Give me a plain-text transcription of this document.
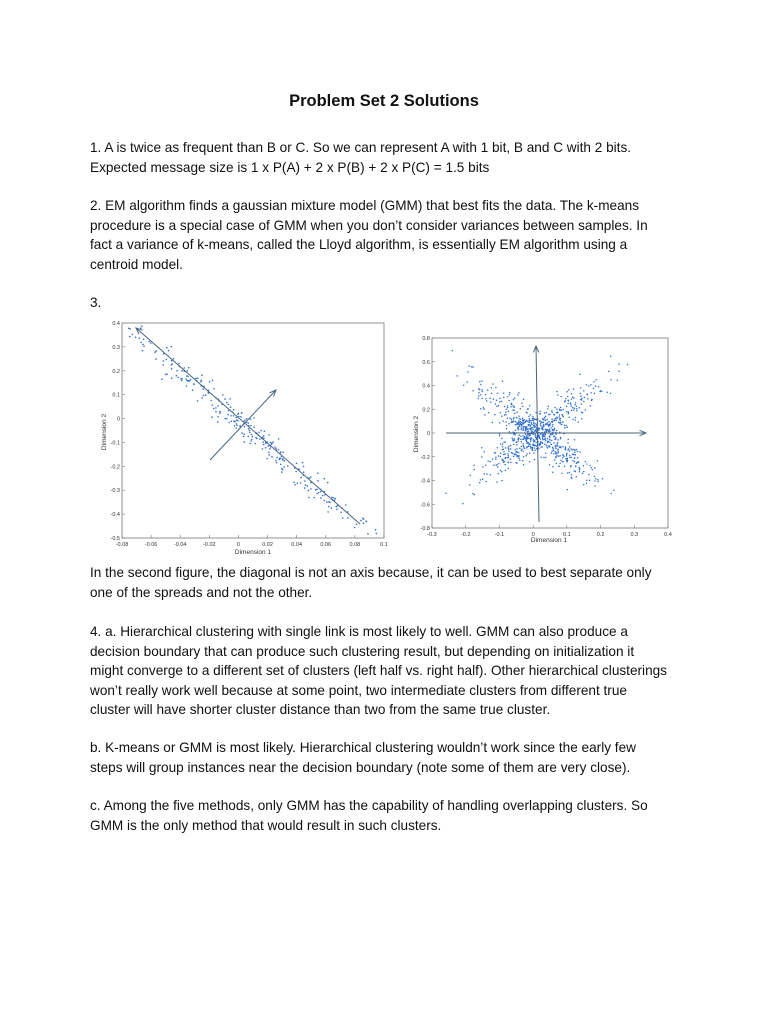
Problem Set 2 Solutions

1. A is twice as frequent than B or C. So we can represent A with 1 bit, B and C with 2 bits.
Expected message size is 1 x P(A) + 2 x P(B) + 2 x P(C) = 1.5 bits

2. EM algorithm finds a gaussian mixture model (GMM) that best fits the data. The k-means
procedure is a special case of GMM when you don’t consider variances between samples. In
fact a variance of k-means, called the Lloyd algorithm, is essentially EM algorithm using a
centroid model.

3.

-0.08	-0.06	-0.04	-0.02	0	0.02	0.04	0.06	0.08	0.1
0.4
0.3
0.2
0.1
0
-0.1
-0.2
-0.3
-0.4
-0.5
Dimension 1
Dimension 2
-0.3	-0.2	-0.1	0	0.1	0.2	0.3	0.4
0.8
0.6
0.4
0.2
0
-0.2
-0.4
-0.6
-0.8
Dimension 1
Dimension 2

In the second figure, the diagonal is not an axis because, it can be used to best separate only
one of the spreads and not the other.

4. a. Hierarchical clustering with single link is most likely to well. GMM can also produce a
decision boundary that can produce such clustering result, but depending on initialization it
might converge to a different set of clusters (left half vs. right half). Other hierarchical clusterings
won’t really work well because at some point, two intermediate clusters from different true
cluster will have shorter cluster distance than two from the same true cluster.

b. K-means or GMM is most likely. Hierarchical clustering wouldn’t work since the early few
steps will group instances near the decision boundary (note some of them are very close).

c. Among the five methods, only GMM has the capability of handling overlapping clusters. So
GMM is the only method that would result in such clusters.
